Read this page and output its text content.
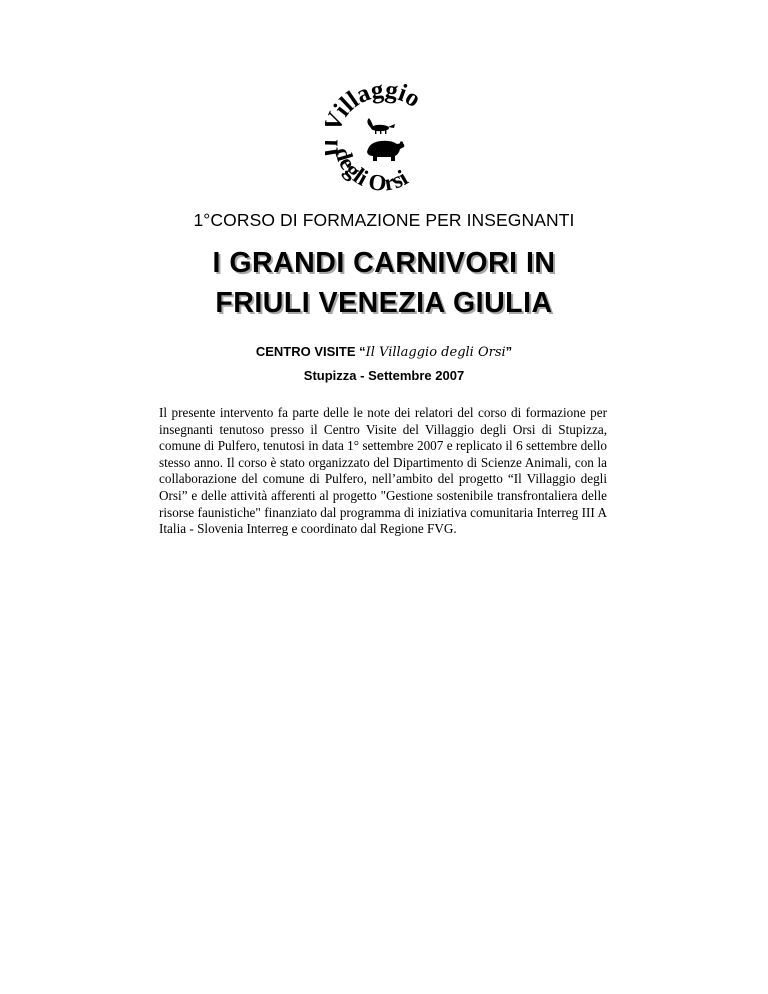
illaggio
degli Orsi
1°CORSO DI FORMAZIONE PER INSEGNANTI
I GRANDI CARNIVORI IN
FRIULI VENEZIA GIULIA
CENTRO VISITE “Il Villaggio degli Orsi”
Stupizza - Settembre 2007
Il presente intervento fa parte delle le note dei relatori del corso di formazione per insegnanti tenutoso presso il Centro Visite del Villaggio degli Orsi di Stupizza, comune di Pulfero, tenutosi in data 1° settembre 2007 e replicato il 6 settembre dello stesso anno. Il corso è stato organizzato del Dipartimento di Scienze Animali, con la collaborazione del comune di Pulfero, nell’ambito del progetto “Il Villaggio degli Orsi” e delle attività afferenti al progetto "Gestione sostenibile transfrontaliera delle risorse faunistiche" finanziato dal programma di iniziativa comunitaria Interreg III A Italia - Slovenia Interreg e coordinato dal Regione FVG.
